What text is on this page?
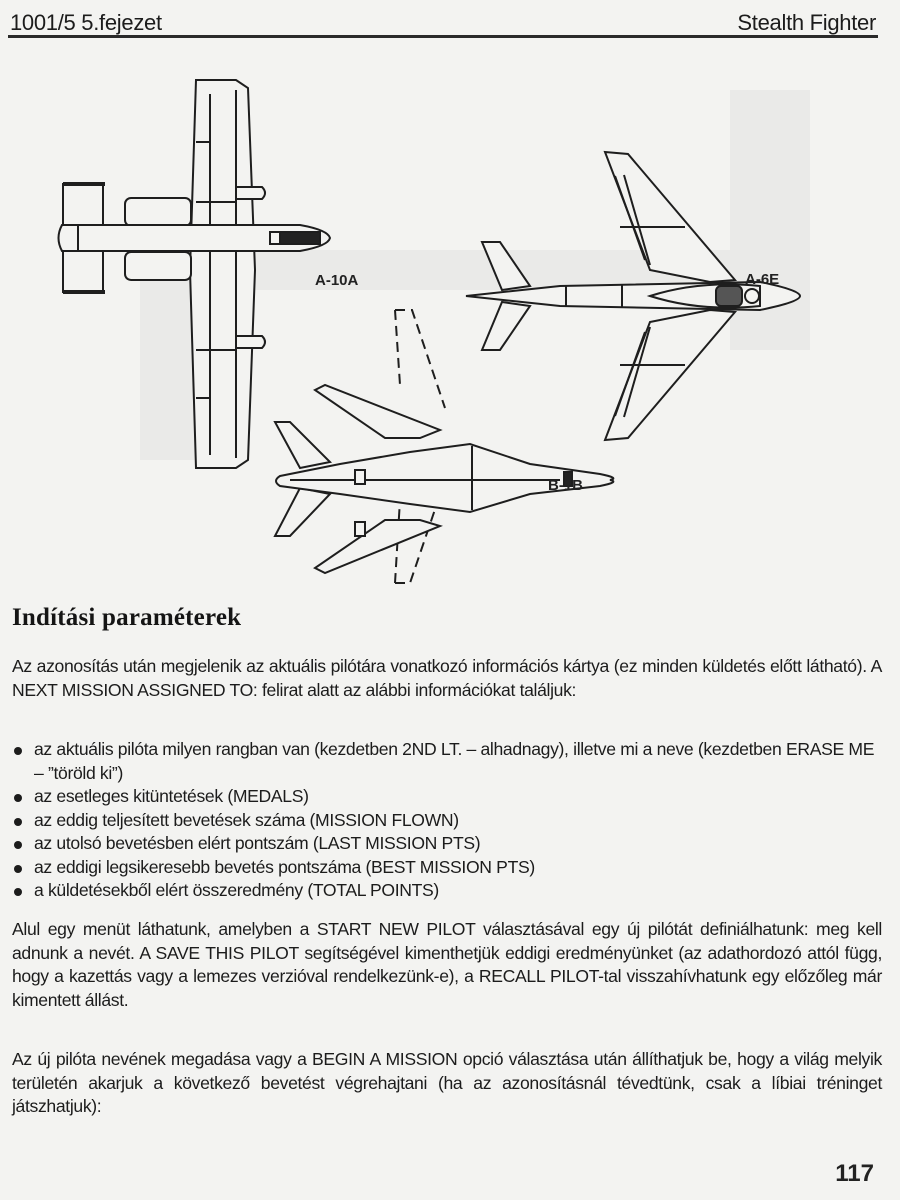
1001/5 5.fejezet	Stealth Fighter
A-10A	A-6E
B-1B
Indítási paraméterek

Az azonosítás után megjelenik az aktuális pilótára vonatkozó információs kártya (ez minden küldetés előtt látható). A NEXT MISSION ASSIGNED TO: felirat alatt az alábbi információkat találjuk:

az aktuális pilóta milyen rangban van (kezdetben 2ND LT. – alhadnagy), illetve mi a neve (kezdetben ERASE ME – ”töröld ki”)
az esetleges kitüntetések (MEDALS)
az eddig teljesített bevetések száma (MISSION FLOWN)
az utolsó bevetésben elért pontszám (LAST MISSION PTS)
az eddigi legsikeresebb bevetés pontszáma (BEST MISSION PTS)
a küldetésekből elért összeredmény (TOTAL POINTS)

Alul egy menüt láthatunk, amelyben a START NEW PILOT választásával egy új pilótát definiálhatunk: meg kell adnunk a nevét. A SAVE THIS PILOT segítségével kimenthetjük eddigi eredményünket (az adathordozó attól függ, hogy a kazettás vagy a lemezes verzióval rendelkezünk-e), a RECALL PILOT-tal visszahívhatunk egy előzőleg már kimentett állást.

Az új pilóta nevének megadása vagy a BEGIN A MISSION opció választása után állíthatjuk be, hogy a világ melyik területén akarjuk a következő bevetést végrehajtani (ha az azonosításnál tévedtünk, csak a líbiai tréninget játszhatjuk):

117
